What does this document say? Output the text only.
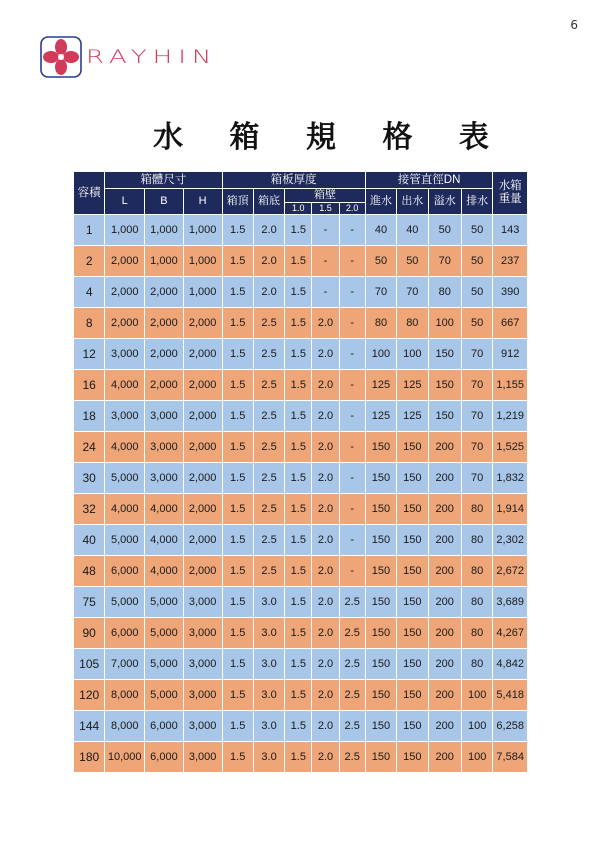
6
RAYHIN
水 箱 規 格 表
容積	箱體尺寸			箱板厚度					接管直徑DN				水箱重量
	L	B	H	箱頂	箱底	箱壁			進水	出水	溢水	排水	
						1.0	1.5	2.0					
1	1,000	1,000	1,000	1.5	2.0	1.5	-	-	40	40	50	50	143
2	2,000	1,000	1,000	1.5	2.0	1.5	-	-	50	50	70	50	237
4	2,000	2,000	1,000	1.5	2.0	1.5	-	-	70	70	80	50	390
8	2,000	2,000	2,000	1.5	2.5	1.5	2.0	-	80	80	100	50	667
12	3,000	2,000	2,000	1.5	2.5	1.5	2.0	-	100	100	150	70	912
16	4,000	2,000	2,000	1.5	2.5	1.5	2.0	-	125	125	150	70	1,155
18	3,000	3,000	2,000	1.5	2.5	1.5	2.0	-	125	125	150	70	1,219
24	4,000	3,000	2,000	1.5	2.5	1.5	2.0	-	150	150	200	70	1,525
30	5,000	3,000	2,000	1.5	2.5	1.5	2.0	-	150	150	200	70	1,832
32	4,000	4,000	2,000	1.5	2.5	1.5	2.0	-	150	150	200	80	1,914
40	5,000	4,000	2,000	1.5	2.5	1.5	2.0	-	150	150	200	80	2,302
48	6,000	4,000	2,000	1.5	2.5	1.5	2.0	-	150	150	200	80	2,672
75	5,000	5,000	3,000	1.5	3.0	1.5	2.0	2.5	150	150	200	80	3,689
90	6,000	5,000	3,000	1.5	3.0	1.5	2.0	2.5	150	150	200	80	4,267
105	7,000	5,000	3,000	1.5	3.0	1.5	2.0	2.5	150	150	200	80	4,842
120	8,000	5,000	3,000	1.5	3.0	1.5	2.0	2.5	150	150	200	100	5,418
144	8,000	6,000	3,000	1.5	3.0	1.5	2.0	2.5	150	150	200	100	6,258
180	10,000	6,000	3,000	1.5	3.0	1.5	2.0	2.5	150	150	200	100	7,584
